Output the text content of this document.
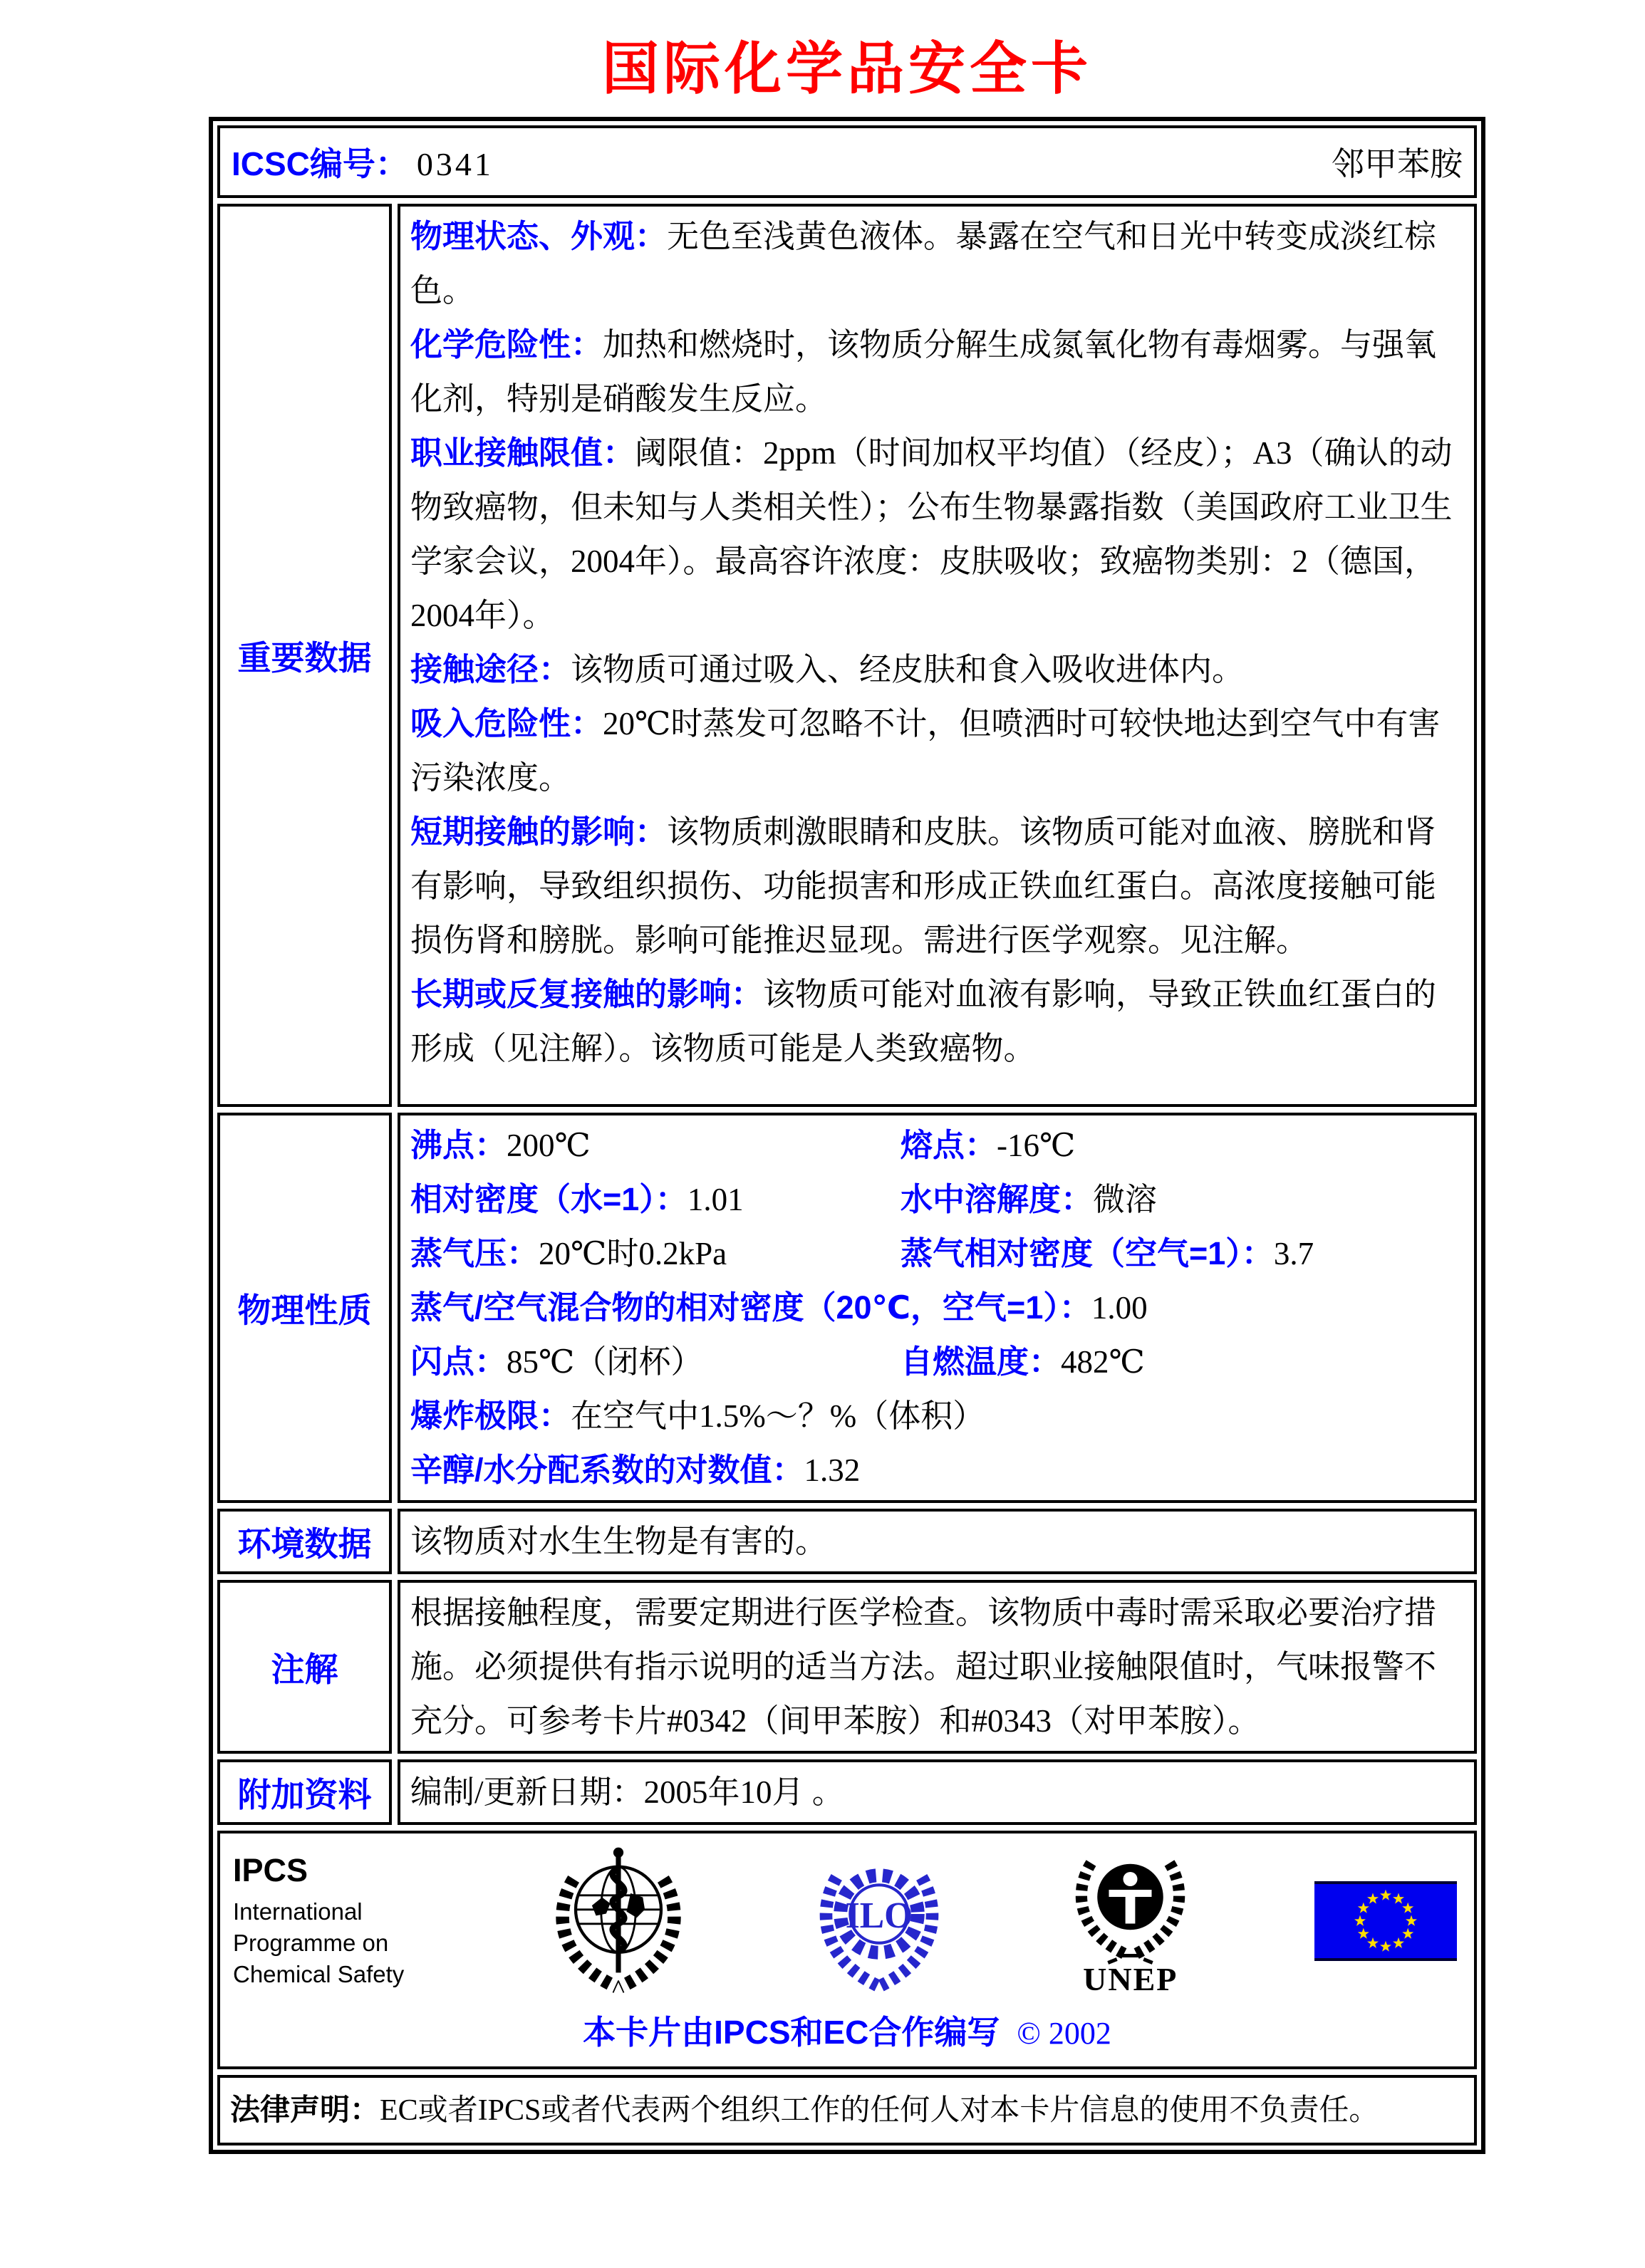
国际化学品安全卡
ICSC编号： 0341	邻甲苯胺
重要数据

物理状态、外观：无色至浅黄色液体。暴露在空气和日光中转变成淡红棕色。

化学危险性：加热和燃烧时，该物质分解生成氮氧化物有毒烟雾。与强氧化剂，特别是硝酸发生反应。

职业接触限值：阈限值：2ppm（时间加权平均值）（经皮）；A3（确认的动物致癌物，但未知与人类相关性）；公布生物暴露指数（美国政府工业卫生学家会议，2004年）。最高容许浓度：皮肤吸收；致癌物类别：2（德国，2004年）。

接触途径：该物质可通过吸入、经皮肤和食入吸收进体内。

吸入危险性：20℃时蒸发可忽略不计，但喷洒时可较快地达到空气中有害污染浓度。

短期接触的影响：该物质刺激眼睛和皮肤。该物质可能对血液、膀胱和肾有影响，导致组织损伤、功能损害和形成正铁血红蛋白。高浓度接触可能损伤肾和膀胱。影响可能推迟显现。需进行医学观察。见注解。

长期或反复接触的影响：该物质可能对血液有影响，导致正铁血红蛋白的形成（见注解）。该物质可能是人类致癌物。

物理性质
沸点：200℃	熔点：-16℃
相对密度（水=1）：1.01	水中溶解度：微溶
蒸气压：20℃时0.2kPa	蒸气相对密度（空气=1）：3.7
蒸气/空气混合物的相对密度（20℃，空气=1）：1.00
闪点：85℃（闭杯）	自燃温度：482℃
爆炸极限：在空气中1.5%～？%（体积）
辛醇/水分配系数的对数值：1.32
环境数据 该物质对水生生物是有害的。

注解

根据接触程度，需要定期进行医学检查。该物质中毒时需采取必要治疗措施。必须提供有指示说明的适当方法。超过职业接触限值时，气味报警不充分。可参考卡片#0342（间甲苯胺）和#0343（对甲苯胺）。

附加资料 编制/更新日期：2005年10月 。

IPCS
International
Programme on
Chemical Safety
ILO
UNEP
本卡片由IPCS和EC合作编写 © 2002
法律声明：EC或者IPCS或者代表两个组织工作的任何人对本卡片信息的使用不负责任。
